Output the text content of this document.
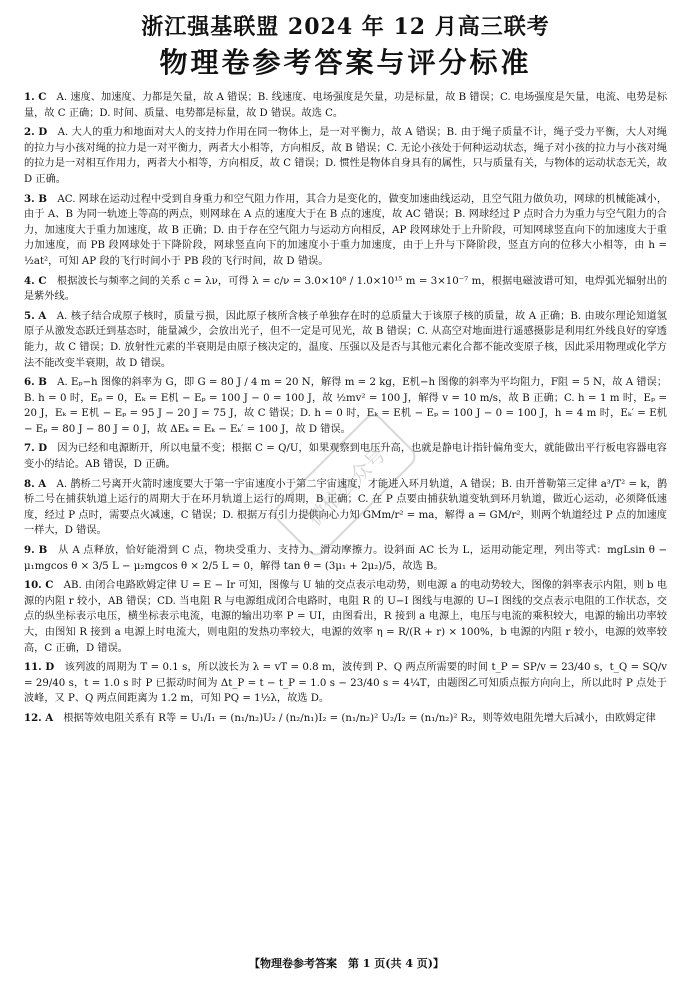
浙江强基联盟 2024 年 12 月高三联考
物理卷参考答案与评分标准

1. C　 A. 速度、加速度、力都是矢量，故 A 错误；B. 线速度、电场强度是矢量，功是标量，故 B 错误；C. 电场强度是矢量，电流、电势是标量，故 C 正确；D. 时间、质量、电势都是标量，故 D 错误。故选 C。

2. D　 A. 大人的重力和地面对大人的支持力作用在同一物体上，是一对平衡力，故 A 错误；B. 由于绳子质量不计，绳子受力平衡，大人对绳的拉力与小孩对绳的拉力是一对平衡力，两者大小相等，方向相反，故 B 错误；C. 无论小孩处于何种运动状态，绳子对小孩的拉力与小孩对绳的拉力是一对相互作用力，两者大小相等，方向相反，故 C 错误；D. 惯性是物体自身具有的属性，只与质量有关，与物体的运动状态无关，故 D 正确。

3. B　 AC. 网球在运动过程中受到自身重力和空气阻力作用，其合力是变化的，做变加速曲线运动，且空气阻力做负功，网球的机械能减小，由于 A、B 为同一轨迹上等高的两点，则网球在 A 点的速度大于在 B 点的速度，故 AC 错误；B. 网球经过 P 点时合力为重力与空气阻力的合力，加速度大于重力加速度，故 B 正确；D. 由于存在空气阻力与运动方向相反，AP 段网球处于上升阶段，可知网球竖直向下的加速度大于重力加速度，而 PB 段网球处于下降阶段，网球竖直向下的加速度小于重力加速度，由于上升与下降阶段，竖直方向的位移大小相等，由 h = ½at²，可知 AP 段的飞行时间小于 PB 段的飞行时间，故 D 错误。

4. C　 根据波长与频率之间的关系 c = λν，可得 λ = c/ν = 3.0×10⁸ / 1.0×10¹⁵ m = 3×10⁻⁷ m，根据电磁波谱可知，电焊弧光辐射出的是紫外线。

5. A　 A. 核子结合成原子核时，质量亏损，因此原子核所含核子单独存在时的总质量大于该原子核的质量，故 A 正确；B. 由玻尔理论知道氢原子从激发态跃迁到基态时，能量减少，会放出光子，但不一定是可见光，故 B 错误；C. 从高空对地面进行遥感摄影是利用红外线良好的穿透能力，故 C 错误；D. 放射性元素的半衰期是由原子核决定的，温度、压强以及是否与其他元素化合都不能改变原子核，因此采用物理或化学方法不能改变半衰期，故 D 错误。

6. B　 A. Eₚ−h 图像的斜率为 G，即 G = 80 J / 4 m = 20 N，解得 m = 2 kg，E机−h 图像的斜率为平均阻力，F阻 = 5 N，故 A 错误；B. h = 0 时，Eₚ = 0，Eₖ = E机 − Eₚ = 100 J − 0 = 100 J，故 ½mv² = 100 J，解得 v = 10 m/s，故 B 正确；C. h = 1 m 时，Eₚ = 20 J，Eₖ = E机 − Eₚ = 95 J − 20 J = 75 J，故 C 错误；D. h = 0 时，Eₖ = E机 − Eₚ = 100 J − 0 = 100 J，h = 4 m 时，Eₖ′ = E机 − Eₚ = 80 J − 80 J = 0 J，故 ΔEₖ = Eₖ − Eₖ′ = 100 J，故 D 错误。

7. D　 因为已经和电源断开，所以电量不变；根据 C = Q/U，如果观察到电压升高，也就是静电计指针偏角变大，就能做出平行板电容器电容变小的结论。AB 错误，D 正确。

8. A　 A. 鹊桥二号离开火箭时速度要大于第一宇宙速度小于第二宇宙速度，才能进入环月轨道，A 错误；B. 由开普勒第三定律 a³/T² = k，鹊桥二号在捕获轨道上运行的周期大于在环月轨道上运行的周期，B 正确；C. 在 P 点要由捕获轨道变轨到环月轨道，做近心运动，必须降低速度，经过 P 点时，需要点火减速，C 错误；D. 根据万有引力提供向心力知 GMm/r² = ma，解得 a = GM/r²，则两个轨道经过 P 点的加速度一样大，D 错误。

9. B　 从 A 点释放，恰好能滑到 C 点，物块受重力、支持力、滑动摩擦力。设斜面 AC 长为 L，运用动能定理，列出等式：mgLsin θ − μ₁mgcos θ × 3/5 L − μ₂mgcos θ × 2/5 L = 0，解得 tan θ = (3μ₁ + 2μ₂)/5，故选 B。

10. C　 AB. 由闭合电路欧姆定律 U = E − Ir 可知，图像与 U 轴的交点表示电动势，则电源 a 的电动势较大，图像的斜率表示内阻，则 b 电源的内阻 r 较小，AB 错误；CD. 当电阻 R 与电源组成闭合电路时，电阻 R 的 U−I 图线与电源的 U−I 图线的交点表示电阻的工作状态，交点的纵坐标表示电压，横坐标表示电流，电源的输出功率 P = UI，由图看出，R 接到 a 电源上，电压与电流的乘积较大，电源的输出功率较大，由图知 R 接到 a 电源上时电流大，则电阻的发热功率较大，电源的效率 η = R/(R + r) × 100%，b 电源的内阻 r 较小，电源的效率较高，C 正确，D 错误。

11. D　 该列波的周期为 T = 0.1 s，所以波长为 λ = vT = 0.8 m，波传到 P、Q 两点所需要的时间 t_P = SP/v = 23/40 s，t_Q = SQ/v = 29/40 s，t = 1.0 s 时 P 已振动时间为 Δt_P = t − t_P = 1.0 s − 23/40 s = 4¼T，由题图乙可知质点振方向向上，所以此时 P 点处于波峰，又 P、Q 两点间距离为 1.2 m，可知 PQ = 1½λ，故选 D。

12. A　 根据等效电阻关系有 R等 = U₁/I₁ = (n₁/n₂)U₂ / (n₂/n₁)I₂ = (n₁/n₂)² U₂/I₂ = (n₁/n₂)² R₂，则等效电阻先增大后减小，由欧姆定律

微信公众号
【物理卷参考答案　第 1 页(共 4 页)】
